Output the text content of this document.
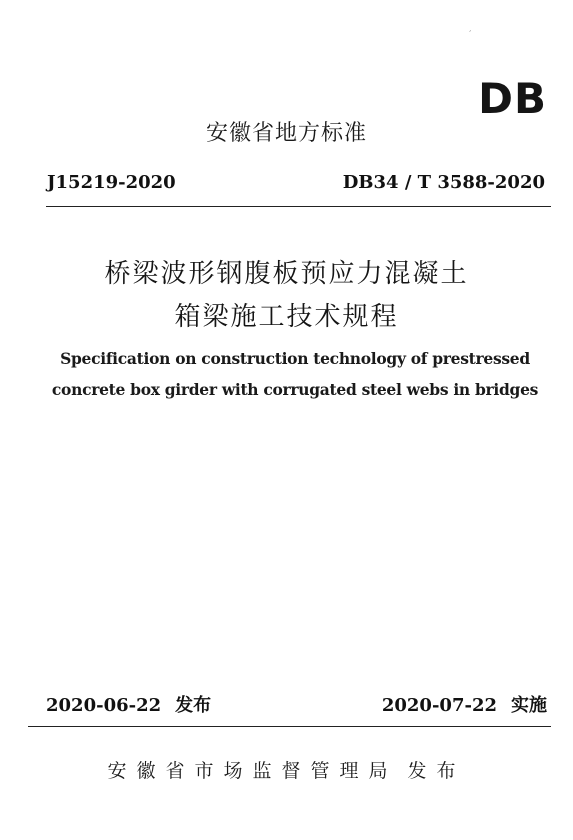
′
DB
安徽省地方标准
J15219-2020	DB34 / T 3588-2020
桥梁波形钢腹板预应力混凝土
箱梁施工技术规程
Specification on construction technology of prestressed
concrete box girder with corrugated steel webs in bridges
2020-06-22 发布	2020-07-22 实施
安徽省市场监督管理局 发布
